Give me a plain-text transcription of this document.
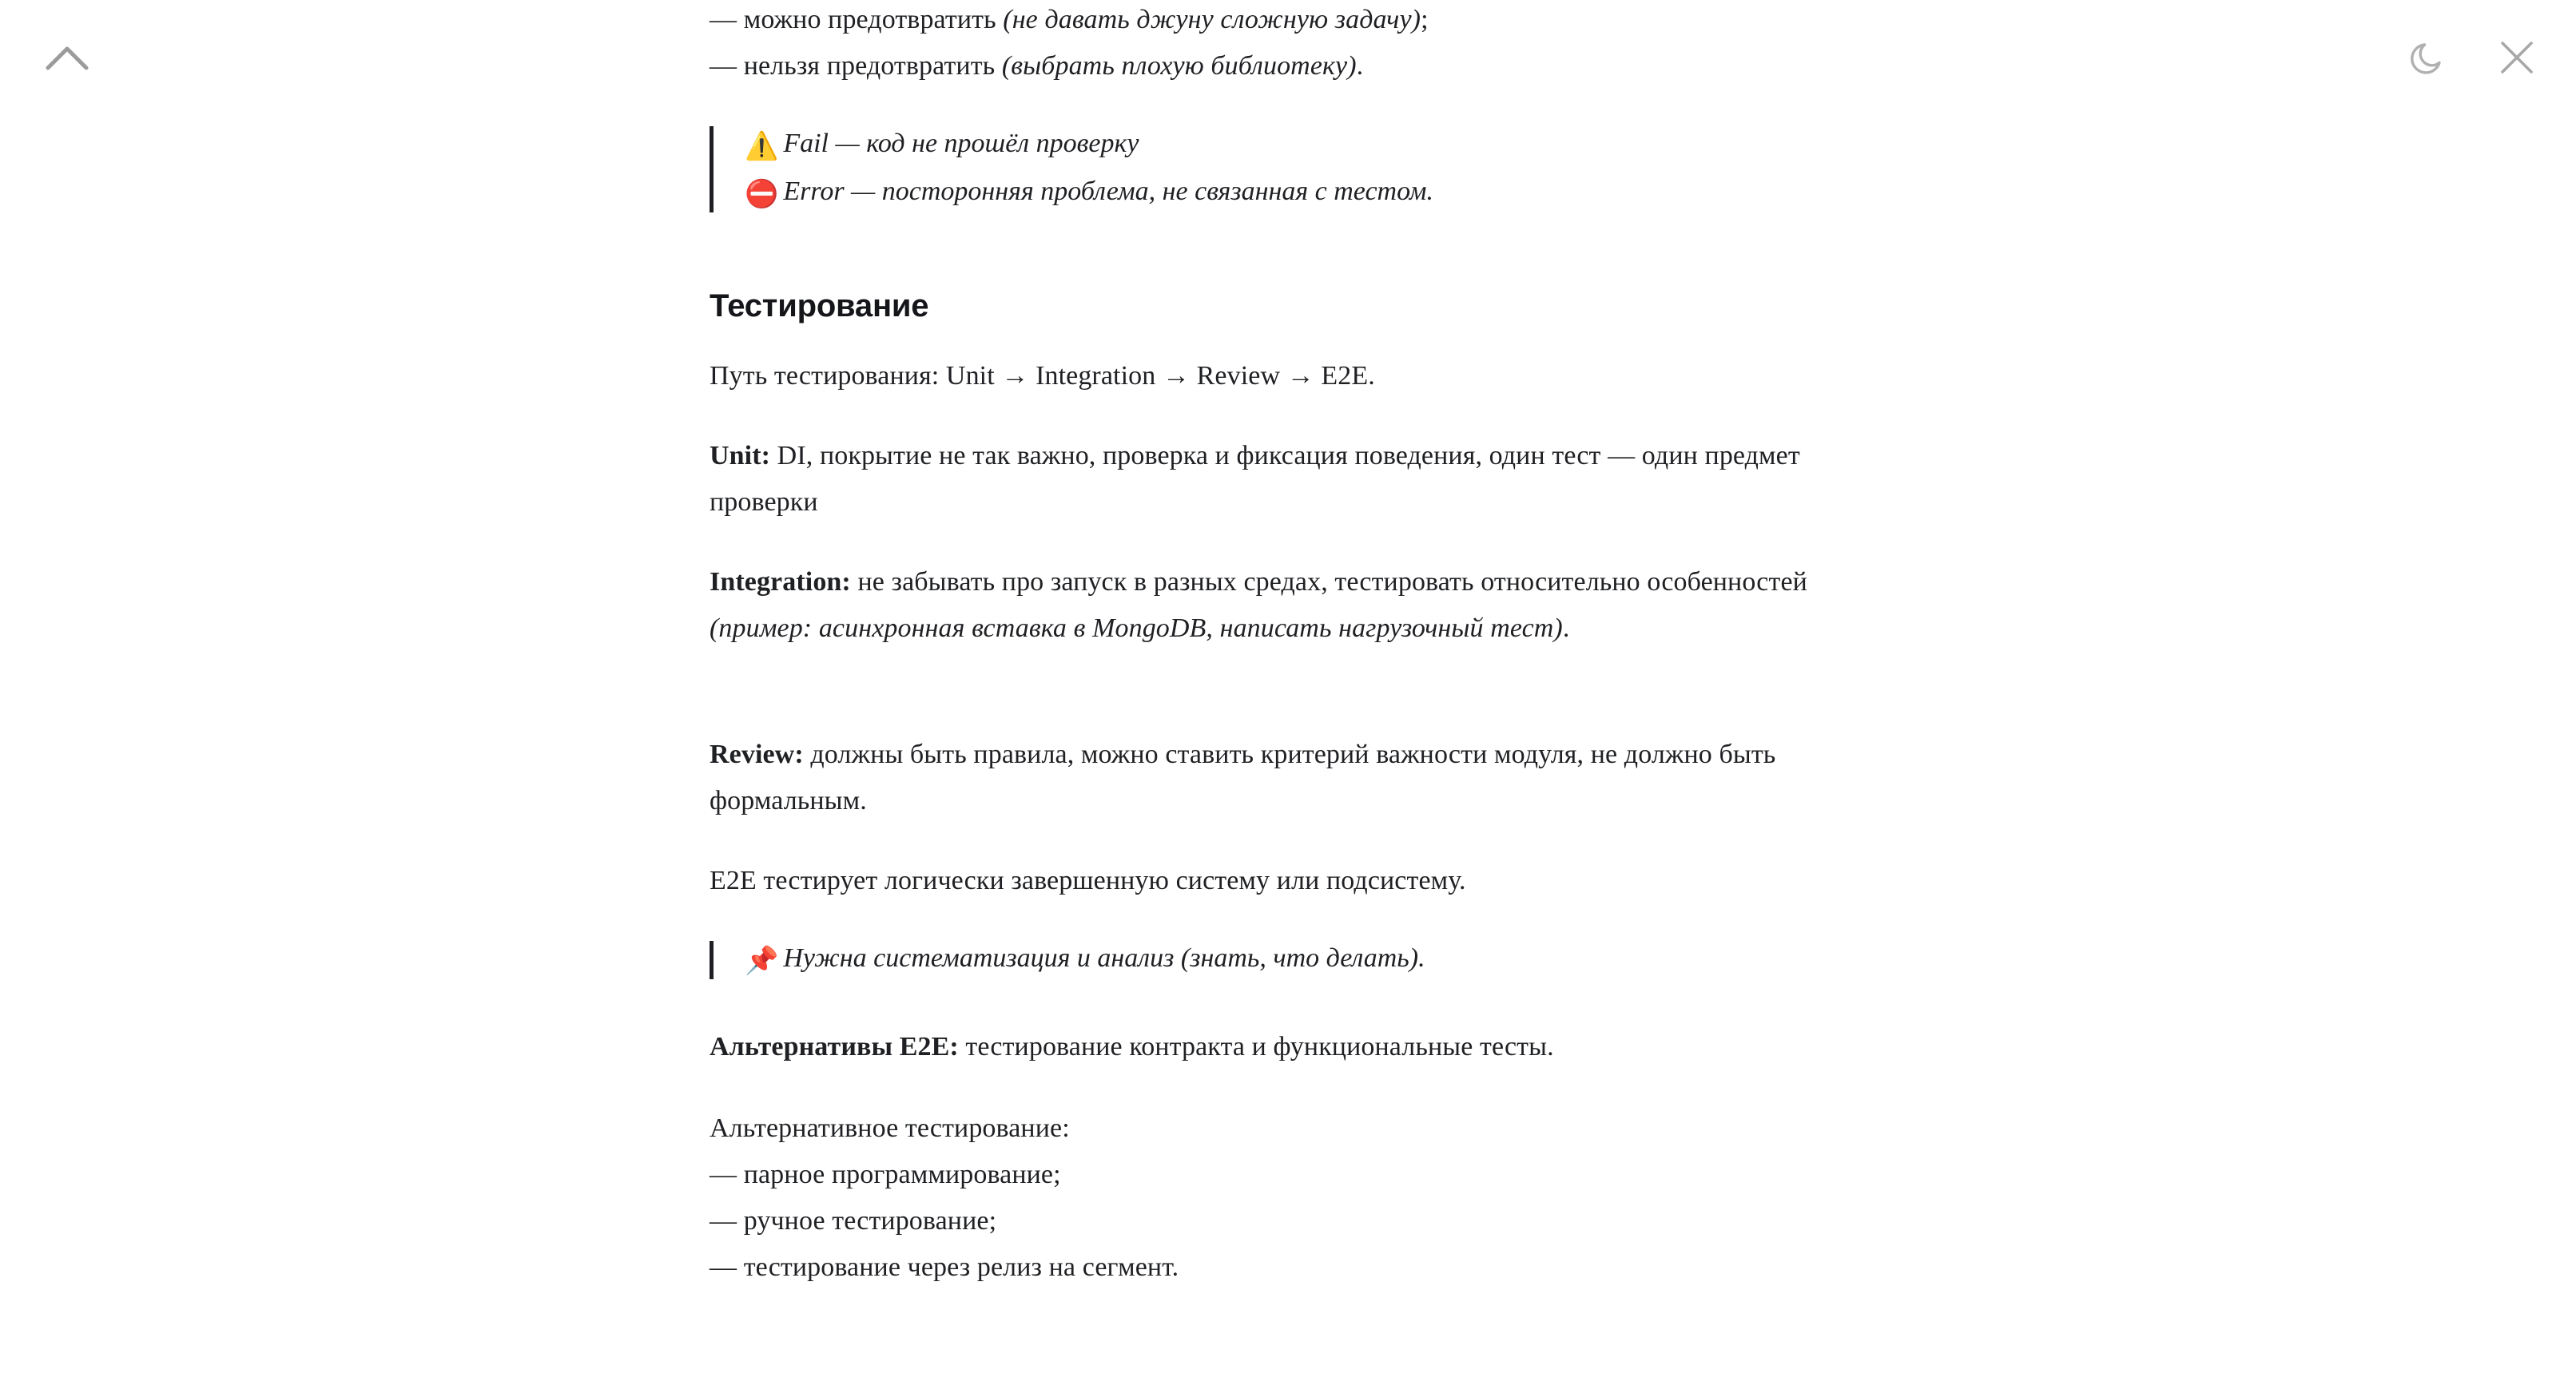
— можно предотвратить (не давать джуну сложную задачу);
— нельзя предотвратить (выбрать плохую библиотеку).
⚠️ Fail — код не прошёл проверку
⛔ Error — посторонняя проблема, не связанная с тестом.
Тестирование

Путь тестирования: Unit → Integration → Review → E2E.

Unit: DI, покрытие не так важно, проверка и фиксация поведения, один тест — один предмет проверки

Integration: не забывать про запуск в разных средах, тестировать относительно особенностей (пример: асинхронная вставка в MongoDB, написать нагрузочный тест).

Review: должны быть правила, можно ставить критерий важности модуля, не должно быть формальным.

E2E тестирует логически завершенную систему или подсистему.

📌 Нужна систематизация и анализ (знать, что делать).

Альтернативы E2E: тестирование контракта и функциональные тесты.

Альтернативное тестирование:
— парное программирование;
— ручное тестирование;
— тестирование через релиз на сегмент.
